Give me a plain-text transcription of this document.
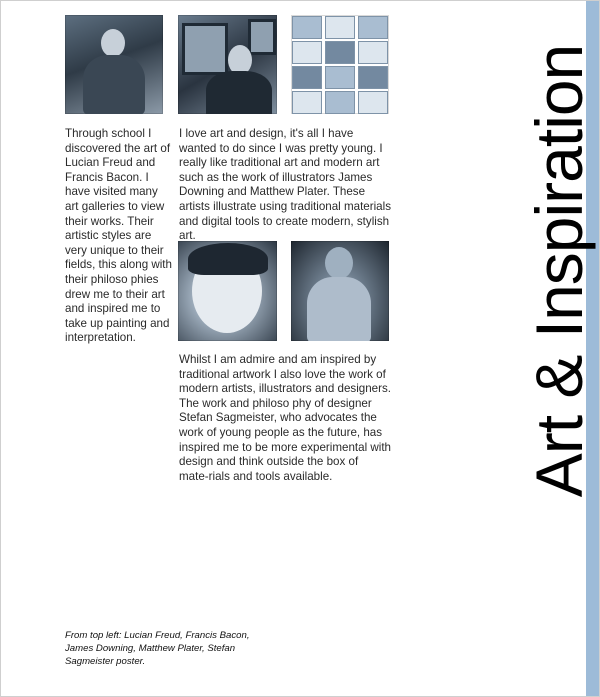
Art & Inspiration

Through school I discovered the art of Lucian Freud and Francis Bacon. I have visited many art galleries to view their works. Their artistic styles are very unique to their fields, this along with their philoso phies drew me to their art and inspired me to take up painting and interpretation.

I love art and design, it's all I have wanted to do since I was pretty young. I really like traditional art and modern art such as the work of illustrators James Downing and Matthew Plater. These artists illustrate using traditional materials and digital tools to create modern, stylish art.

Whilst I am admire and am inspired by traditional artwork I also love the work of modern artists, illustrators and designers. The work and philoso phy of designer Stefan Sagmeister, who advocates the work of young people as the future, has inspired me to be more experimental with design and think outside the box of mate-rials and tools available.

From top left: Lucian Freud, Francis Bacon, James Downing, Matthew Plater, Stefan Sagmeister poster.
